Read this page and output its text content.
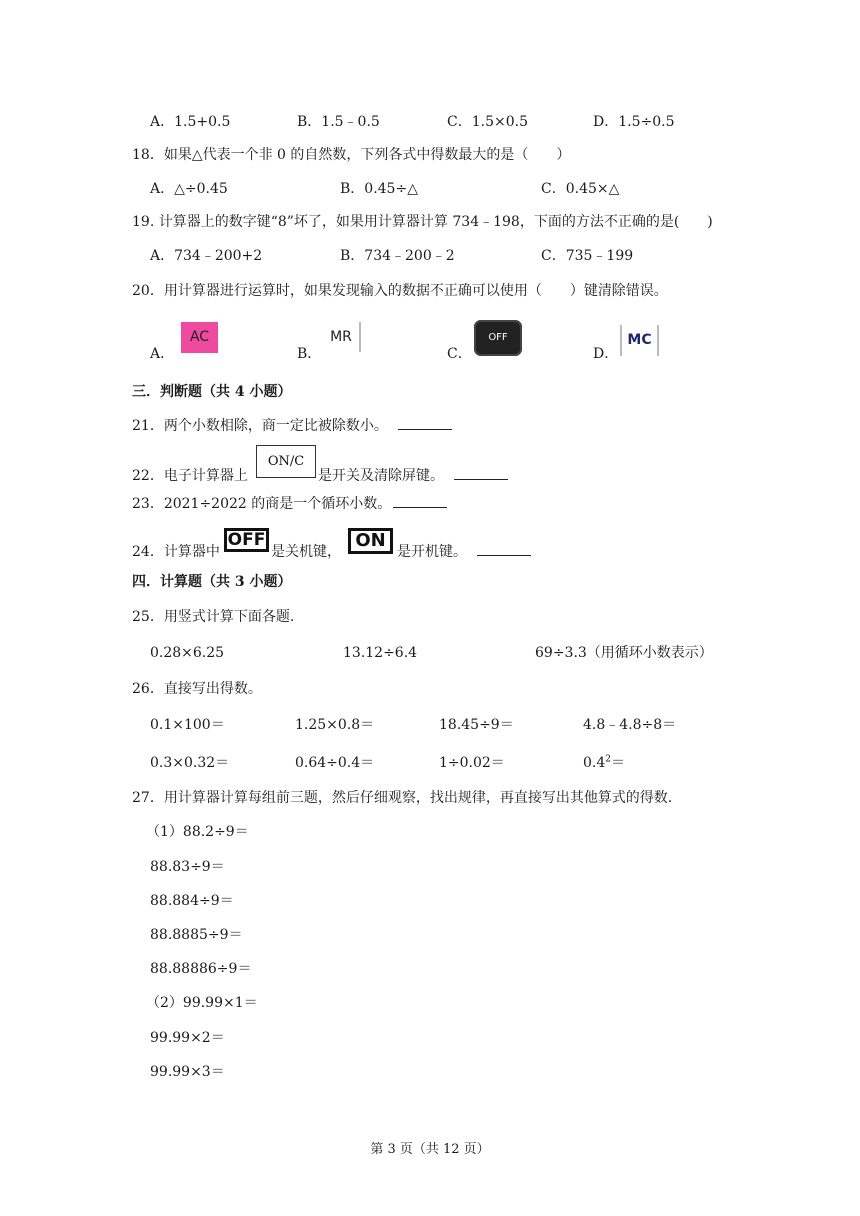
A．1.5+0.5	B．1.5﹣0.5	C．1.5×0.5	D．1.5÷0.5
18．如果△代表一个非 0 的自然数，下列各式中得数最大的是（　　）
A．△÷0.45	B．0.45÷△	C．0.45×△
19. 计算器上的数字键“8”坏了，如果用计算器计算 734﹣198，下面的方法不正确的是(　　)
A．734﹣200+2	B．734﹣200﹣2	C．735﹣199
20．用计算器进行运算时，如果发现输入的数据不正确可以使用（　　）键清除错误。
A．
AC
B．
MR
C．
OFF
D．
MC
三．判断题（共 4 小题）
21．两个小数相除，商一定比被除数小。
22．电子计算器上
ON/C
是开关及清除屏键。
23．2021÷2022 的商是一个循环小数。
24．计算器中
OFF
是关机键，
ON
是开机键。
四．计算题（共 3 小题）
25．用竖式计算下面各题.
0.28×6.25	13.12÷6.4	69÷3.3（用循环小数表示）
26．直接写出得数。
0.1×100＝	1.25×0.8＝	18.45÷9＝	4.8﹣4.8÷8＝
0.3×0.32＝	0.64÷0.4＝	1÷0.02＝	$0.4^2=$
27．用计算器计算每组前三题，然后仔细观察，找出规律，再直接写出其他算式的得数.
（1）88.2÷9＝
88.83÷9＝
88.884÷9＝
88.8885÷9＝
88.88886÷9＝
（2）99.99×1＝
99.99×2＝
99.99×3＝
第 3 页（共 12 页）
